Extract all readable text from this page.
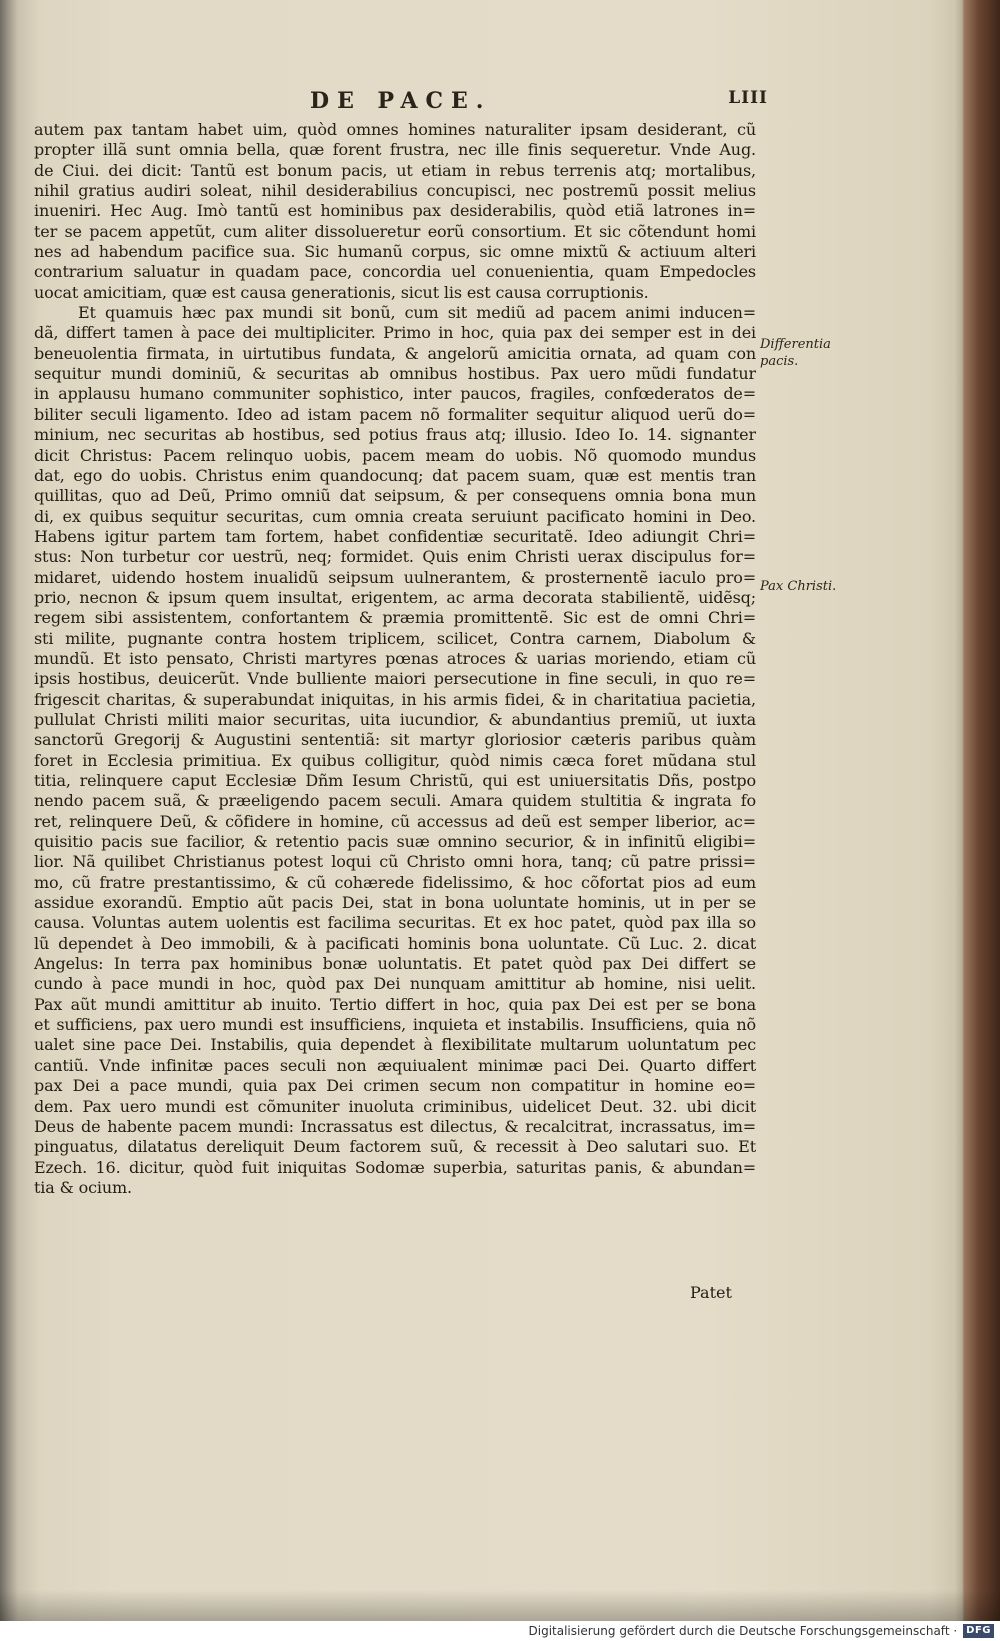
DE PACE.	LIII
autem pax tantam habet uim, quòd omnes homines naturaliter ipsam desiderant, cũ
propter illã sunt omnia bella, quæ forent frustra, nec ille finis sequeretur. Vnde Aug.
de Ciui. dei dicit: Tantũ est bonum pacis, ut etiam in rebus terrenis atq; mortalibus,
nihil gratius audiri soleat, nihil desiderabilius concupisci, nec postremũ possit melius
inueniri. Hec Aug. Imò tantũ est hominibus pax desiderabilis, quòd etiã latrones in=
ter se pacem appetũt, cum aliter dissolueretur eorũ consortium. Et sic cõtendunt homi
nes ad habendum pacifice sua. Sic humanũ corpus, sic omne mixtũ & actiuum alteri
contrarium saluatur in quadam pace, concordia uel conuenientia, quam Empedocles
uocat amicitiam, quæ est causa generationis, sicut lis est causa corruptionis.
Et quamuis hæc pax mundi sit bonũ, cum sit mediũ ad pacem animi inducen=
dã, differt tamen à pace dei multipliciter. Primo in hoc, quia pax dei semper est in dei
beneuolentia firmata, in uirtutibus fundata, & angelorũ amicitia ornata, ad quam con
sequitur mundi dominiũ, & securitas ab omnibus hostibus. Pax uero mũdi fundatur
in applausu humano communiter sophistico, inter paucos, fragiles, confœderatos de=
biliter seculi ligamento. Ideo ad istam pacem nõ formaliter sequitur aliquod uerũ do=
minium, nec securitas ab hostibus, sed potius fraus atq; illusio. Ideo Io. 14. signanter
dicit Christus: Pacem relinquo uobis, pacem meam do uobis. Nõ quomodo mundus
dat, ego do uobis. Christus enim quandocunq; dat pacem suam, quæ est mentis tran
quillitas, quo ad Deũ, Primo omniũ dat seipsum, & per consequens omnia bona mun
di, ex quibus sequitur securitas, cum omnia creata seruiunt pacificato homini in Deo.
Habens igitur partem tam fortem, habet confidentiæ securitatẽ. Ideo adiungit Chri=
stus: Non turbetur cor uestrũ, neq; formidet. Quis enim Christi uerax discipulus for=
midaret, uidendo hostem inualidũ seipsum uulnerantem, & prosternentẽ iaculo pro=
prio, necnon & ipsum quem insultat, erigentem, ac arma decorata stabilientẽ, uidẽsq;
regem sibi assistentem, confortantem & præmia promittentẽ. Sic est de omni Chri=
sti milite, pugnante contra hostem triplicem, scilicet, Contra carnem, Diabolum &
mundũ. Et isto pensato, Christi martyres pœnas atroces & uarias moriendo, etiam cũ
ipsis hostibus, deuicerũt. Vnde bulliente maiori persecutione in fine seculi, in quo re=
frigescit charitas, & superabundat iniquitas, in his armis fidei, & in charitatiua pacietia,
pullulat Christi militi maior securitas, uita iucundior, & abundantius premiũ, ut iuxta
sanctorũ Gregorij & Augustini sententiã: sit martyr gloriosior cæteris paribus quàm
foret in Ecclesia primitiua. Ex quibus colligitur, quòd nimis cæca foret mũdana stul
titia, relinquere caput Ecclesiæ Dñm Iesum Christũ, qui est uniuersitatis Dñs, postpo
nendo pacem suã, & præeligendo pacem seculi. Amara quidem stultitia & ingrata fo
ret, relinquere Deũ, & cõfidere in homine, cũ accessus ad deũ est semper liberior, ac=
quisitio pacis sue facilior, & retentio pacis suæ omnino securior, & in infinitũ eligibi=
lior. Nã quilibet Christianus potest loqui cũ Christo omni hora, tanq; cũ patre prissi=
mo, cũ fratre prestantissimo, & cũ cohærede fidelissimo, & hoc cõfortat pios ad eum
assidue exorandũ. Emptio aũt pacis Dei, stat in bona uoluntate hominis, ut in per se
causa. Voluntas autem uolentis est facilima securitas. Et ex hoc patet, quòd pax illa so
lũ dependet à Deo immobili, & à pacificati hominis bona uoluntate. Cũ Luc. 2. dicat
Angelus: In terra pax hominibus bonæ uoluntatis. Et patet quòd pax Dei differt se
cundo à pace mundi in hoc, quòd pax Dei nunquam amittitur ab homine, nisi uelit.
Pax aũt mundi amittitur ab inuito. Tertio differt in hoc, quia pax Dei est per se bona
et sufficiens, pax uero mundi est insufficiens, inquieta et instabilis. Insufficiens, quia nõ
ualet sine pace Dei. Instabilis, quia dependet à flexibilitate multarum uoluntatum pec
cantiũ. Vnde infinitæ paces seculi non æquiualent minimæ paci Dei. Quarto differt
pax Dei a pace mundi, quia pax Dei crimen secum non compatitur in homine eo=
dem. Pax uero mundi est cõmuniter inuoluta criminibus, uidelicet Deut. 32. ubi dicit
Deus de habente pacem mundi: Incrassatus est dilectus, & recalcitrat, incrassatus, im=
pinguatus, dilatatus dereliquit Deum factorem suũ, & recessit à Deo salutari suo. Et
Ezech. 16. dicitur, quòd fuit iniquitas Sodomæ superbia, saturitas panis, & abundan=
tia & ocium.
Differentia pacis.
Pax Christi.
Patet
Digitalisierung gefördert durch die Deutsche Forschungsgemeinschaft · DFG
